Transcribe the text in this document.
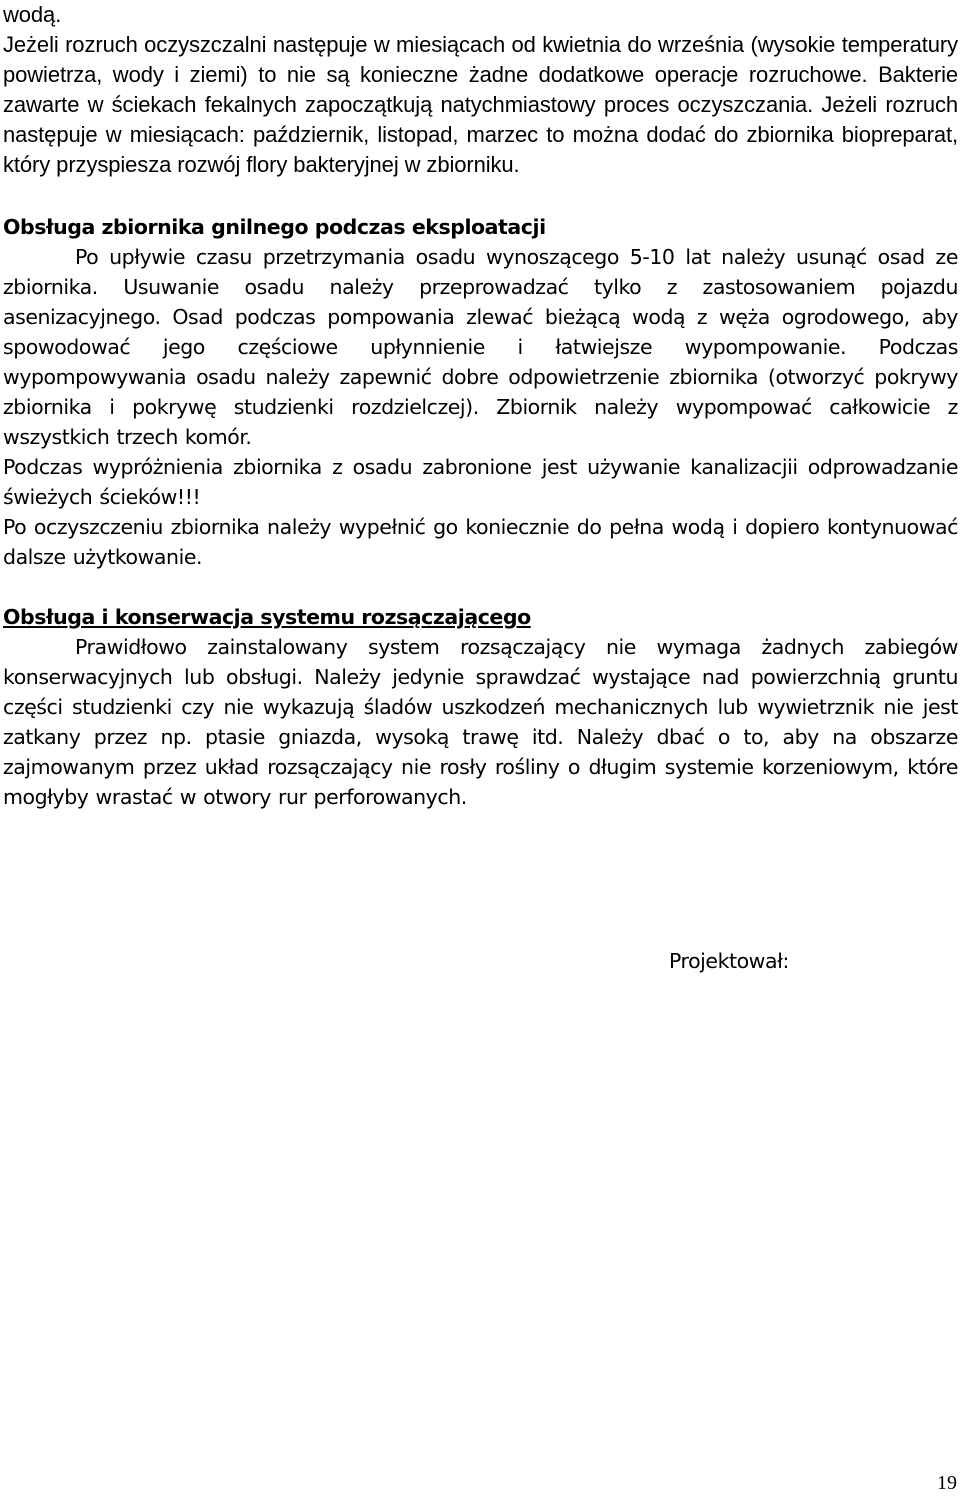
wodą.

Jeżeli rozruch oczyszczalni następuje w miesiącach od kwietnia do września (wysokie temperatury powietrza, wody i ziemi) to nie są konieczne żadne dodatkowe operacje rozruchowe. Bakterie zawarte w ściekach fekalnych zapoczątkują natychmiastowy proces oczyszczania. Jeżeli rozruch następuje w miesiącach: październik, listopad, marzec to można dodać do zbiornika biopreparat, który przyspiesza rozwój flory bakteryjnej w zbiorniku.

Obsługa zbiornika gnilnego podczas eksploatacji

Po upływie czasu przetrzymania osadu wynoszącego 5-10 lat należy usunąć osad ze zbiornika. Usuwanie osadu należy przeprowadzać tylko z zastosowaniem pojazdu asenizacyjnego. Osad podczas pompowania zlewać bieżącą wodą z węża ogrodowego, aby spowodować jego częściowe upłynnienie i łatwiejsze wypompowanie. Podczas wypompowywania osadu należy zapewnić dobre odpowietrzenie zbiornika (otworzyć pokrywy zbiornika i pokrywę studzienki rozdzielczej). Zbiornik należy wypompować całkowicie z wszystkich trzech komór.

Podczas wypróżnienia zbiornika z osadu zabronione jest używanie kanalizacjii odprowadzanie świeżych ścieków!!!

Po oczyszczeniu zbiornika należy wypełnić go koniecznie do pełna wodą i dopiero kontynuować dalsze użytkowanie.

Obsługa i konserwacja systemu rozsączającego

Prawidłowo zainstalowany system rozsączający nie wymaga żadnych zabiegów konserwacyjnych lub obsługi. Należy jedynie sprawdzać wystające nad powierzchnią gruntu części studzienki czy nie wykazują śladów uszkodzeń mechanicznych lub wywietrznik nie jest zatkany przez np. ptasie gniazda, wysoką trawę itd. Należy dbać o to, aby na obszarze zajmowanym przez układ rozsączający nie rosły rośliny o długim systemie korzeniowym, które mogłyby wrastać w otwory rur perforowanych.

Projektował:
19
